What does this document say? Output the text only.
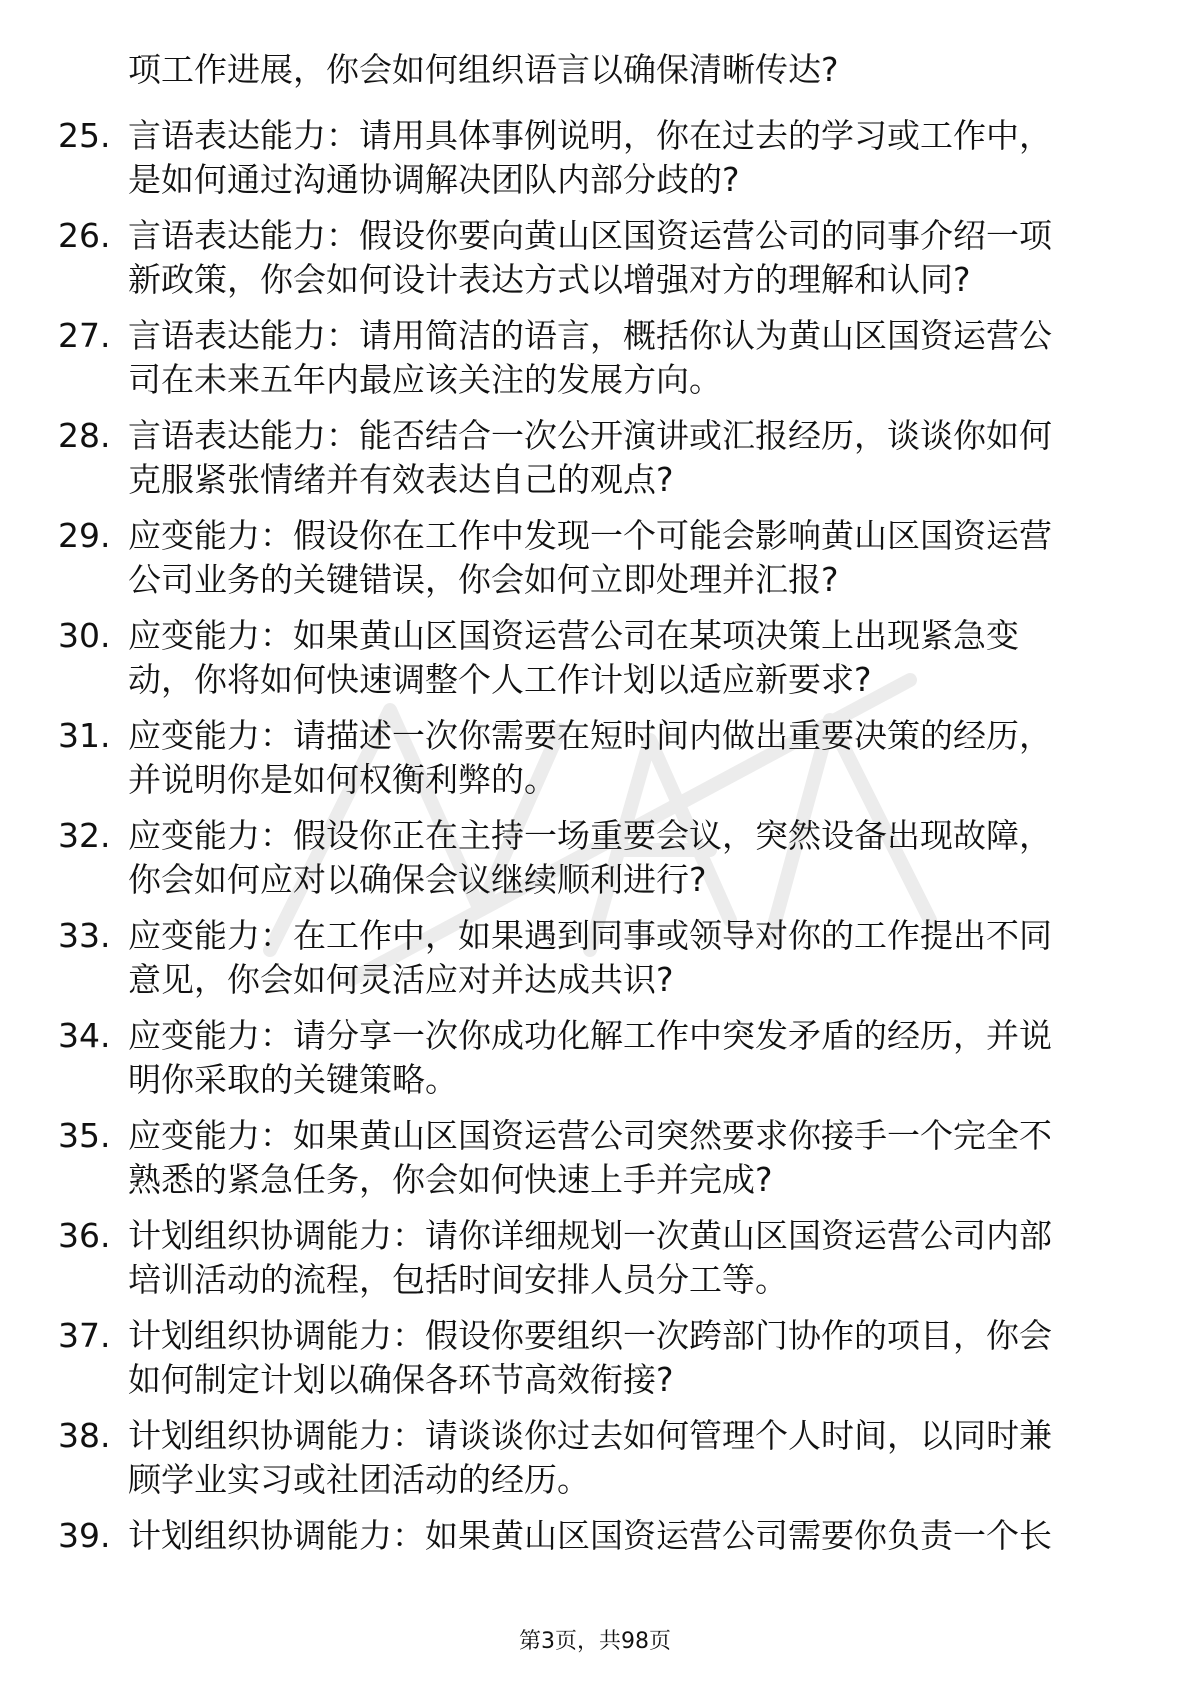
项工作进展，你会如何组织语言以确保清晰传达?
25. 言语表达能力：请用具体事例说明，你在过去的学习或工作中，
是如何通过沟通协调解决团队内部分歧的?
26. 言语表达能力：假设你要向黄山区国资运营公司的同事介绍一项
新政策，你会如何设计表达方式以增强对方的理解和认同?
27. 言语表达能力：请用简洁的语言，概括你认为黄山区国资运营公
司在未来五年内最应该关注的发展方向。
28. 言语表达能力：能否结合一次公开演讲或汇报经历，谈谈你如何
克服紧张情绪并有效表达自己的观点?
29. 应变能力：假设你在工作中发现一个可能会影响黄山区国资运营
公司业务的关键错误，你会如何立即处理并汇报?
30. 应变能力：如果黄山区国资运营公司在某项决策上出现紧急变
动，你将如何快速调整个人工作计划以适应新要求?
31. 应变能力：请描述一次你需要在短时间内做出重要决策的经历，
并说明你是如何权衡利弊的。
32. 应变能力：假设你正在主持一场重要会议，突然设备出现故障，
你会如何应对以确保会议继续顺利进行?
33. 应变能力：在工作中，如果遇到同事或领导对你的工作提出不同
意见，你会如何灵活应对并达成共识?
34. 应变能力：请分享一次你成功化解工作中突发矛盾的经历，并说
明你采取的关键策略。
35. 应变能力：如果黄山区国资运营公司突然要求你接手一个完全不
熟悉的紧急任务，你会如何快速上手并完成?
36. 计划组织协调能力：请你详细规划一次黄山区国资运营公司内部
培训活动的流程，包括时间安排人员分工等。
37. 计划组织协调能力：假设你要组织一次跨部门协作的项目，你会
如何制定计划以确保各环节高效衔接?
38. 计划组织协调能力：请谈谈你过去如何管理个人时间，以同时兼
顾学业实习或社团活动的经历。
39. 计划组织协调能力：如果黄山区国资运营公司需要你负责一个长
第3页，共98页
